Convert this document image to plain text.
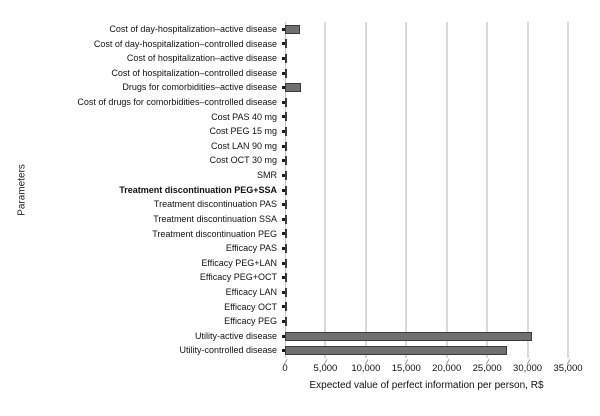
Parameters
Cost of day-hospitalization–active disease
Cost of day-hospitalization–controlled disease
Cost of hospitalization–active disease
Cost of hospitalization–controlled disease
Drugs for comorbidities–active disease
Cost of drugs for comorbidities–controlled disease
Cost PAS 40 mg
Cost PEG 15 mg
Cost LAN 90 mg
Cost OCT 30 mg
SMR
Treatment discontinuation PEG+SSA
Treatment discontinuation PAS
Treatment discontinuation SSA
Treatment discontinuation PEG
Efficacy PAS
Efficacy PEG+LAN
Efficacy PEG+OCT
Efficacy LAN
Efficacy OCT
Efficacy PEG
Utility-active disease
Utility-controlled disease
Expected value of perfect information per person, R$
0	5,000	10,000	15,000	20,000	25,000	30,000	35,000
